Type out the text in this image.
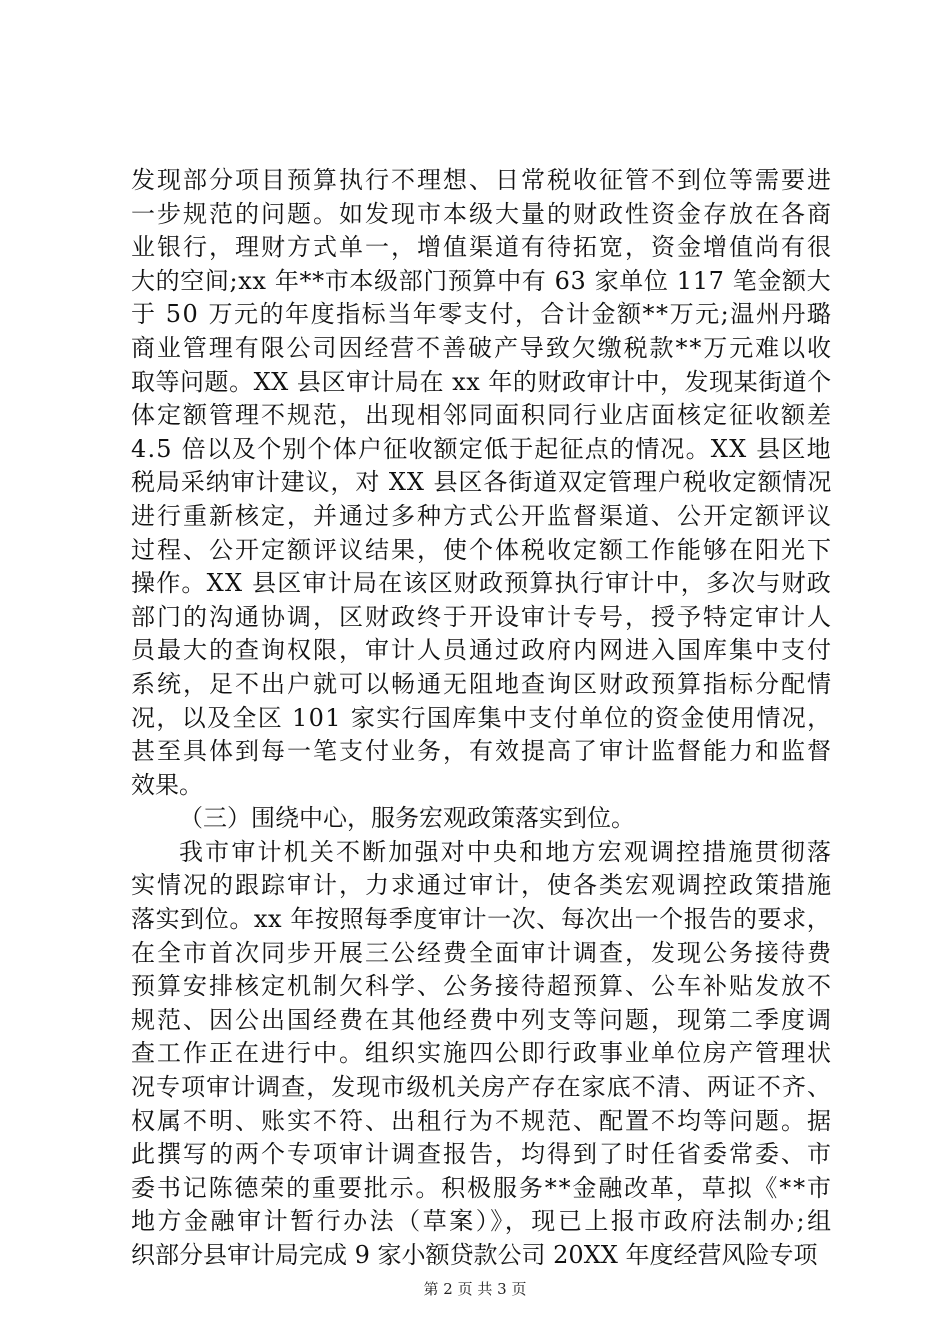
发现部分项目预算执行不理想、日常税收征管不到位等需要进
一步规范的问题。如发现市本级大量的财政性资金存放在各商
业银行，理财方式单一，增值渠道有待拓宽，资金增值尚有很
大的空间;xx 年**市本级部门预算中有 63 家单位 117 笔金额大
于 50 万元的年度指标当年零支付，合计金额**万元;温州丹璐
商业管理有限公司因经营不善破产导致欠缴税款**万元难以收
取等问题。XX 县区审计局在 xx 年的财政审计中，发现某街道个
体定额管理不规范，出现相邻同面积同行业店面核定征收额差
4.5 倍以及个别个体户征收额定低于起征点的情况。XX 县区地
税局采纳审计建议，对 XX 县区各街道双定管理户税收定额情况
进行重新核定，并通过多种方式公开监督渠道、公开定额评议
过程、公开定额评议结果，使个体税收定额工作能够在阳光下
操作。XX 县区审计局在该区财政预算执行审计中，多次与财政
部门的沟通协调，区财政终于开设审计专号，授予特定审计人
员最大的查询权限，审计人员通过政府内网进入国库集中支付
系统，足不出户就可以畅通无阻地查询区财政预算指标分配情
况，以及全区 101 家实行国库集中支付单位的资金使用情况，
甚至具体到每一笔支付业务，有效提高了审计监督能力和监督
效果。
（三）围绕中心，服务宏观政策落实到位。
我市审计机关不断加强对中央和地方宏观调控措施贯彻落
实情况的跟踪审计，力求通过审计，使各类宏观调控政策措施
落实到位。xx 年按照每季度审计一次、每次出一个报告的要求，
在全市首次同步开展三公经费全面审计调查，发现公务接待费
预算安排核定机制欠科学、公务接待超预算、公车补贴发放不
规范、因公出国经费在其他经费中列支等问题，现第二季度调
查工作正在进行中。组织实施四公即行政事业单位房产管理状
况专项审计调查，发现市级机关房产存在家底不清、两证不齐、
权属不明、账实不符、出租行为不规范、配置不均等问题。据
此撰写的两个专项审计调查报告，均得到了时任省委常委、市
委书记陈德荣的重要批示。积极服务**金融改革，草拟《**市
地方金融审计暂行办法（草案）》，现已上报市政府法制办;组
织部分县审计局完成 9 家小额贷款公司 20XX 年度经营风险专项
第 2 页 共 3 页
